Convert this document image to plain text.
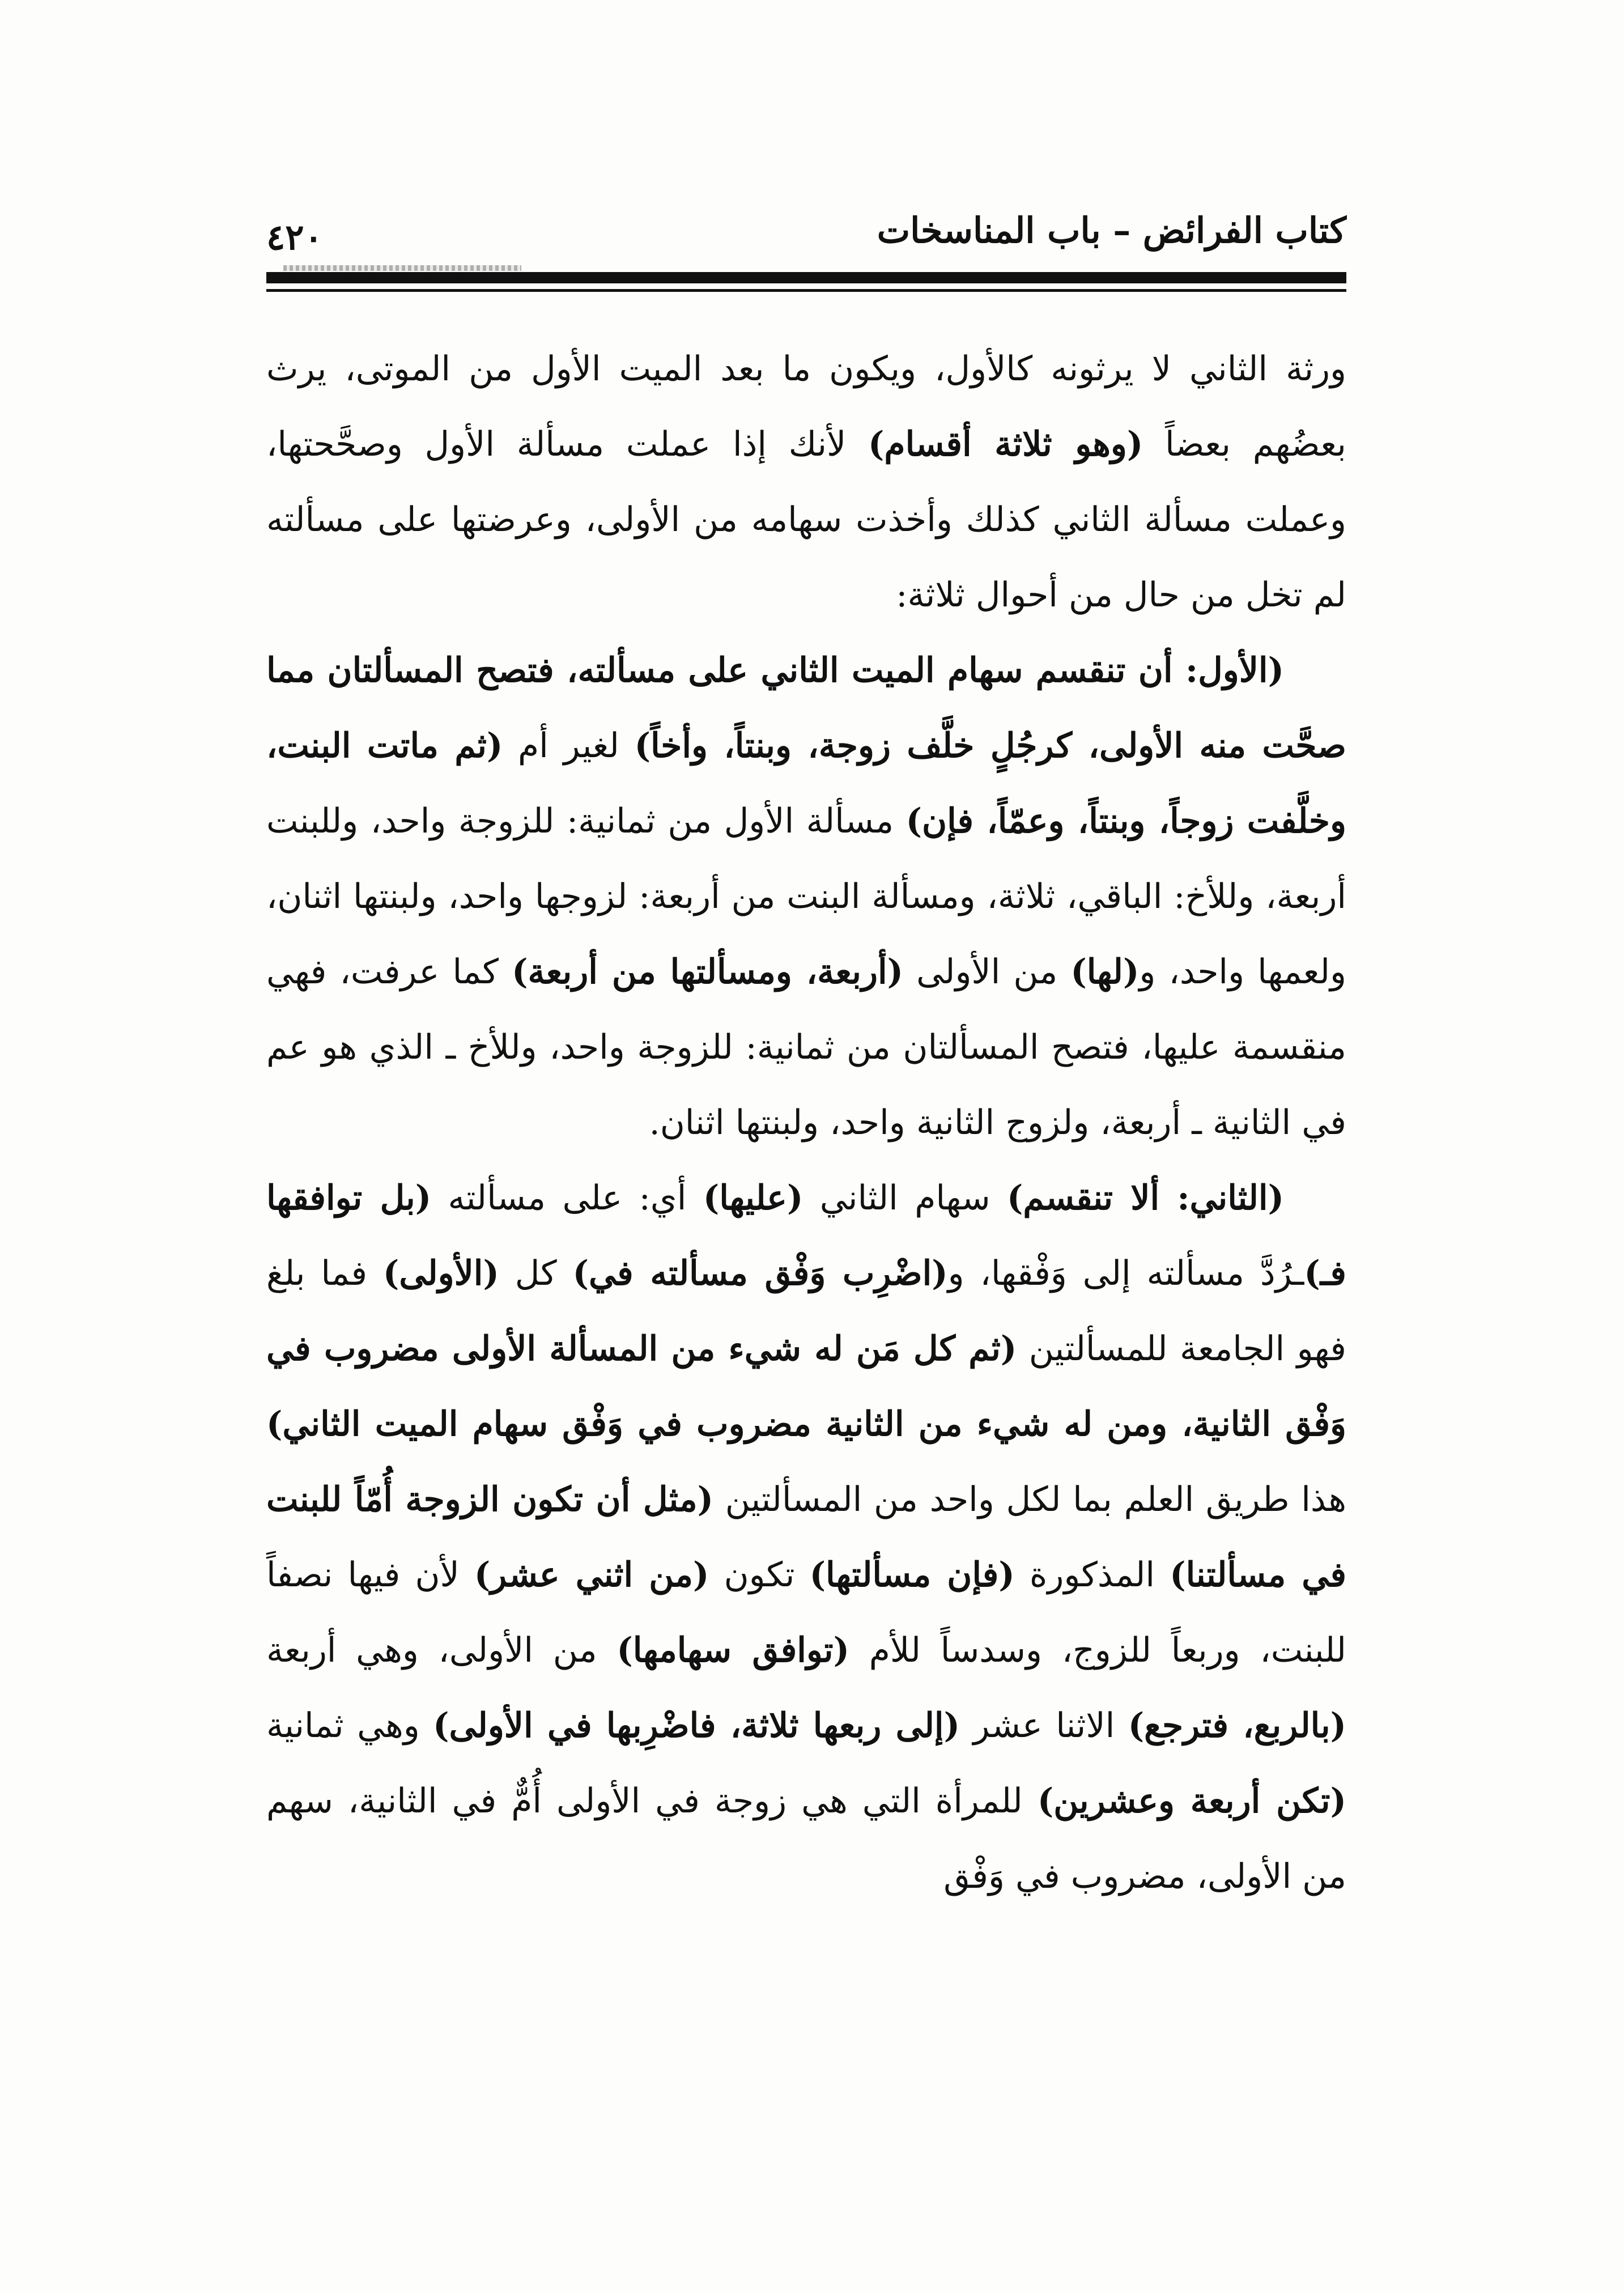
كتاب الفرائض – باب المناسخات
٤٢٠

ورثة الثاني لا يرثونه كالأول، ويكون ما بعد الميت الأول من الموتى، يرث بعضُهم بعضاً (وهو ثلاثة أقسام) لأنك إذا عملت مسألة الأول وصحَّحتها، وعملت مسألة الثاني كذلك وأخذت سهامه من الأولى، وعرضتها على مسألته لم تخل من حال من أحوال ثلاثة:

(الأول: أن تنقسم سهام الميت الثاني على مسألته، فتصح المسألتان مما صحَّت منه الأولى، كرجُلٍ خلَّف زوجة، وبنتاً، وأخاً) لغير أم (ثم ماتت البنت، وخلَّفت زوجاً، وبنتاً، وعمّاً، فإن) مسألة الأول من ثمانية: للزوجة واحد، وللبنت أربعة، وللأخ: الباقي، ثلاثة، ومسألة البنت من أربعة: لزوجها واحد، ولبنتها اثنان، ولعمها واحد، و(لها) من الأولى (أربعة، ومسألتها من أربعة) كما عرفت، فهي منقسمة عليها، فتصح المسألتان من ثمانية: للزوجة واحد، وللأخ ـ الذي هو عم في الثانية ـ أربعة، ولزوج الثانية واحد، ولبنتها اثنان.

(الثاني: ألا تنقسم) سهام الثاني (عليها) أي: على مسألته (بل توافقها فـ)ـرُدَّ مسألته إلى وَفْقها، و(اضْرِب وَفْق مسألته في) كل (الأولى) فما بلغ فهو الجامعة للمسألتين (ثم كل مَن له شيء من المسألة الأولى مضروب في وَفْق الثانية، ومن له شيء من الثانية مضروب في وَفْق سهام الميت الثاني) هذا طريق العلم بما لكل واحد من المسألتين (مثل أن تكون الزوجة أُمّاً للبنت في مسألتنا) المذكورة (فإن مسألتها) تكون (من اثني عشر) لأن فيها نصفاً للبنت، وربعاً للزوج، وسدساً للأم (توافق سهامها) من الأولى، وهي أربعة (بالربع، فترجع) الاثنا عشر (إلى ربعها ثلاثة، فاضْرِبها في الأولى) وهي ثمانية (تكن أربعة وعشرين) للمرأة التي هي زوجة في الأولى أُمٌّ في الثانية، سهم من الأولى، مضروب في وَفْق
